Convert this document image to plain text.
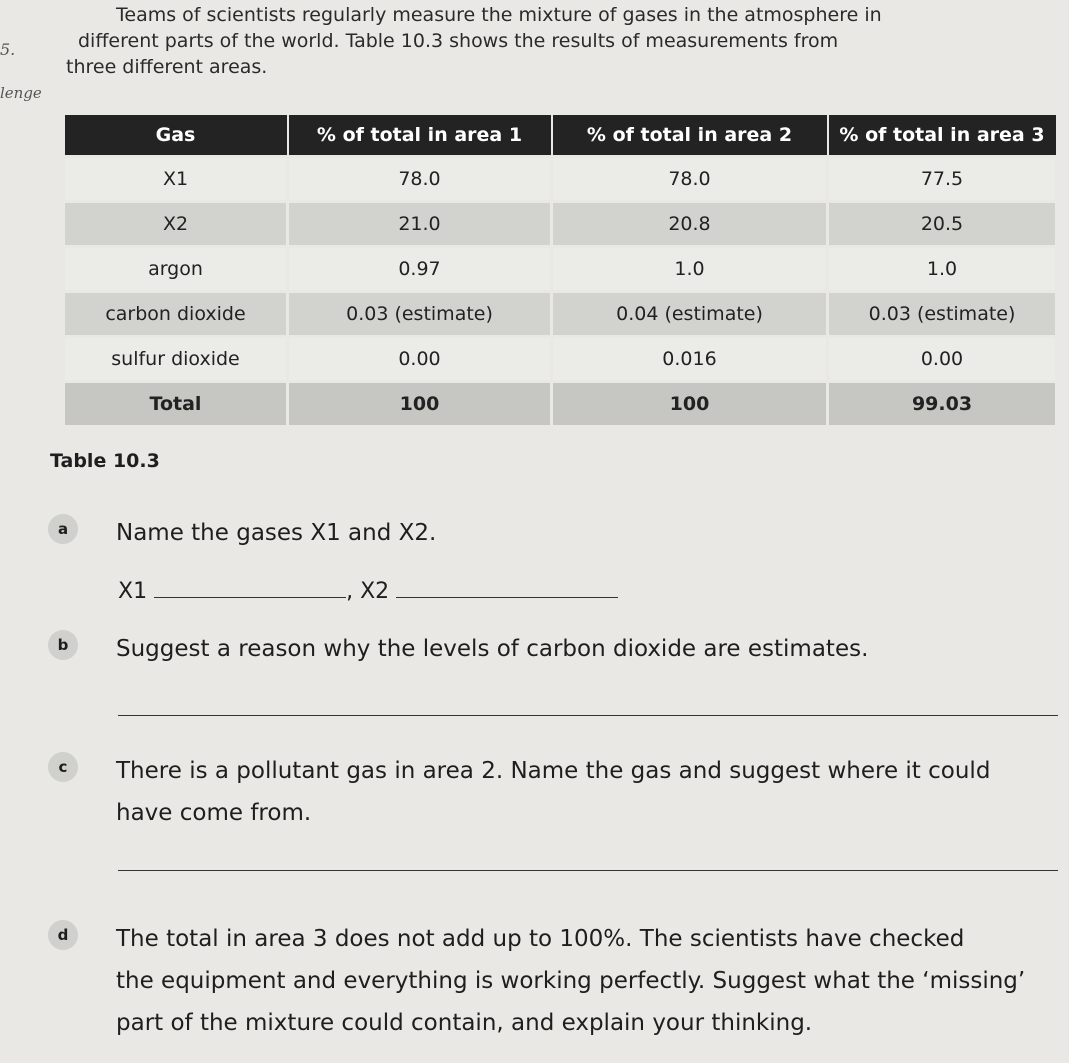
5.
lenge

Teams of scientists regularly measure the mixture of gases in the atmosphere in
different parts of the world. Table 10.3 shows the results of measurements from
three different areas.

Gas	% of total in area 1	% of total in area 2	% of total in area 3
X1	78.0	78.0	77.5
X2	21.0	20.8	20.5
argon	0.97	1.0	1.0
carbon dioxide	0.03 (estimate)	0.04 (estimate)	0.03 (estimate)
sulfur dioxide	0.00	0.016	0.00
Total	100	100	99.03

Table 10.3

a	Name the gases X1 and X2.
X1	, X2
b	Suggest a reason why the levels of carbon dioxide are estimates.
c	There is a pollutant gas in area 2. Name the gas and suggest where it could
have come from.
d	The total in area 3 does not add up to 100%. The scientists have checked
the equipment and everything is working perfectly. Suggest what the ‘missing’
part of the mixture could contain, and explain your thinking.
